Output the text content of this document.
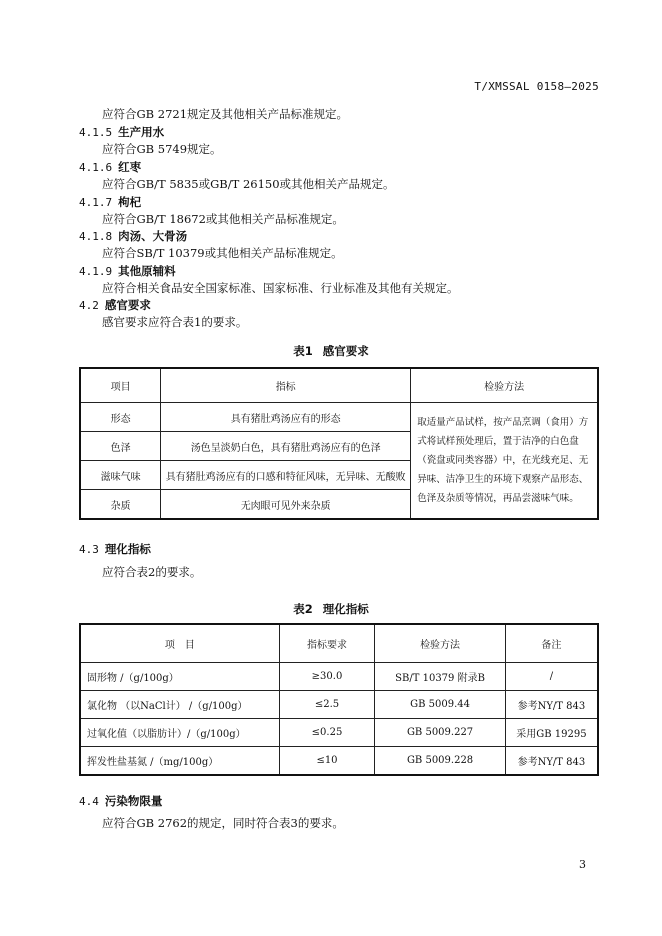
T/XMSSAL 0158—2025
应符合GB 2721规定及其他相关产品标准规定。
4.1.5 生产用水
应符合GB 5749规定。
4.1.6 红枣
应符合GB/T 5835或GB/T 26150或其他相关产品规定。
4.1.7 枸杞
应符合GB/T 18672或其他相关产品标准规定。
4.1.8 肉汤、大骨汤
应符合SB/T 10379或其他相关产品标准规定。
4.1.9 其他原辅料
应符合相关食品安全国家标准、国家标准、行业标准及其他有关规定。
4.2 感官要求
感官要求应符合表1的要求。
表1 感官要求
项目	指标	检验方法
形态	具有猪肚鸡汤应有的形态	取适量产品试样，按产品烹调（食用）方式将试样预处理后，置于洁净的白色盘（瓷盘或同类容器）中，在光线充足、无异味、洁净卫生的环境下观察产品形态、色泽及杂质等情况，再品尝滋味气味。
色泽	汤色呈淡奶白色，具有猪肚鸡汤应有的色泽	
滋味气味	具有猪肚鸡汤应有的口感和特征风味，无异味、无酸败	
杂质	无肉眼可见外来杂质	
4.3 理化指标
应符合表2的要求。
表2 理化指标
项　目	指标要求	检验方法	备注
固形物 /（g/100g）	≥30.0	SB/T 10379 附录B	/
氯化物 （以NaCl计） /（g/100g）	≤2.5	GB 5009.44	参考NY/T 843
过氧化值（以脂肪计）/（g/100g）	≤0.25	GB 5009.227	采用GB 19295
挥发性盐基氮 /（mg/100g）	≤10	GB 5009.228	参考NY/T 843
4.4 污染物限量
应符合GB 2762的规定，同时符合表3的要求。
3
